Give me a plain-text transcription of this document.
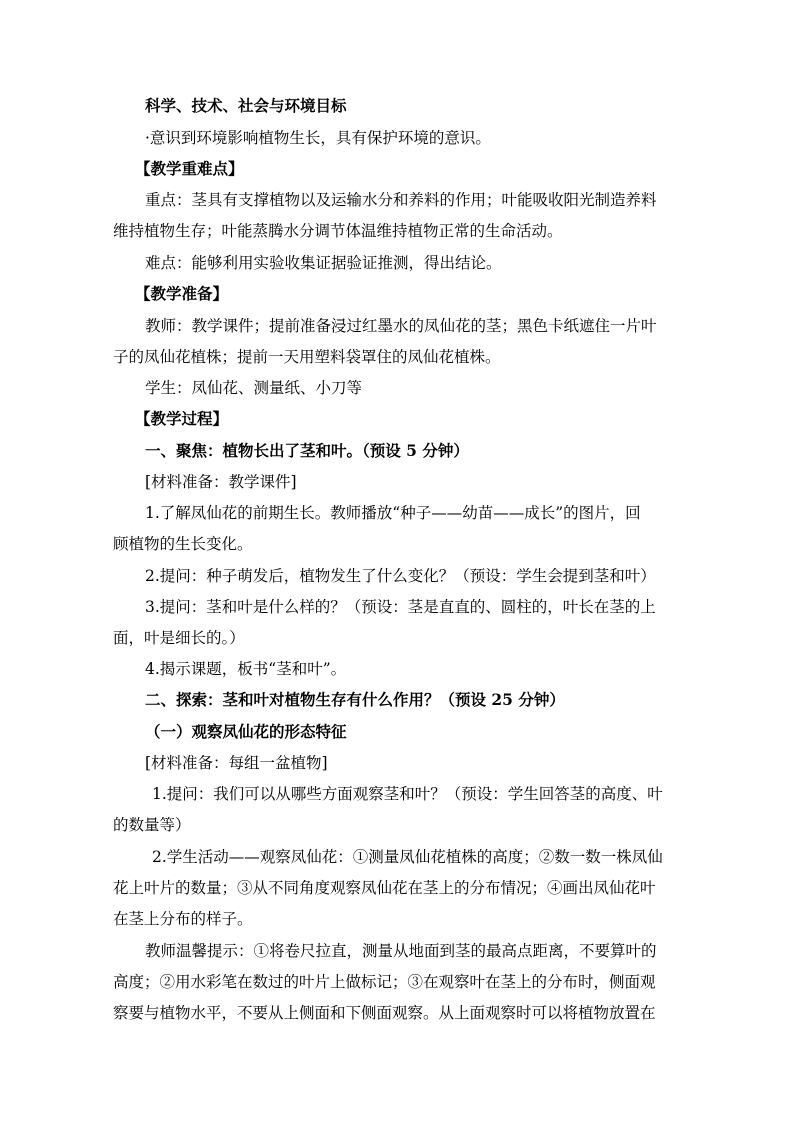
科学、技术、社会与环境目标
·意识到环境影响植物生长，具有保护环境的意识。
【教学重难点】
重点：茎具有支撑植物以及运输水分和养料的作用；叶能吸收阳光制造养料
维持植物生存；叶能蒸腾水分调节体温维持植物正常的生命活动。
难点：能够利用实验收集证据验证推测，得出结论。
【教学准备】
教师：教学课件；提前准备浸过红墨水的凤仙花的茎；黑色卡纸遮住一片叶
子的凤仙花植株；提前一天用塑料袋罩住的凤仙花植株。
学生：凤仙花、测量纸、小刀等
【教学过程】
一、聚焦：植物长出了茎和叶。（预设 5 分钟）
[材料准备：教学课件]
1.了解凤仙花的前期生长。教师播放“种子——幼苗——成长”的图片，回
顾植物的生长变化。
2.提问：种子萌发后，植物发生了什么变化？（预设：学生会提到茎和叶）
3.提问：茎和叶是什么样的？（预设：茎是直直的、圆柱的，叶长在茎的上
面，叶是细长的。）
4.揭示课题，板书“茎和叶”。
二、探索：茎和叶对植物生存有什么作用？（预设 25 分钟）
（一）观察凤仙花的形态特征
[材料准备：每组一盆植物]
1.提问：我们可以从哪些方面观察茎和叶？（预设：学生回答茎的高度、叶
的数量等）
2.学生活动——观察凤仙花：①测量凤仙花植株的高度；②数一数一株凤仙
花上叶片的数量；③从不同角度观察凤仙花在茎上的分布情况；④画出凤仙花叶
在茎上分布的样子。
教师温馨提示：①将卷尺拉直，测量从地面到茎的最高点距离，不要算叶的
高度；②用水彩笔在数过的叶片上做标记；③在观察叶在茎上的分布时，侧面观
察要与植物水平，不要从上侧面和下侧面观察。从上面观察时可以将植物放置在
